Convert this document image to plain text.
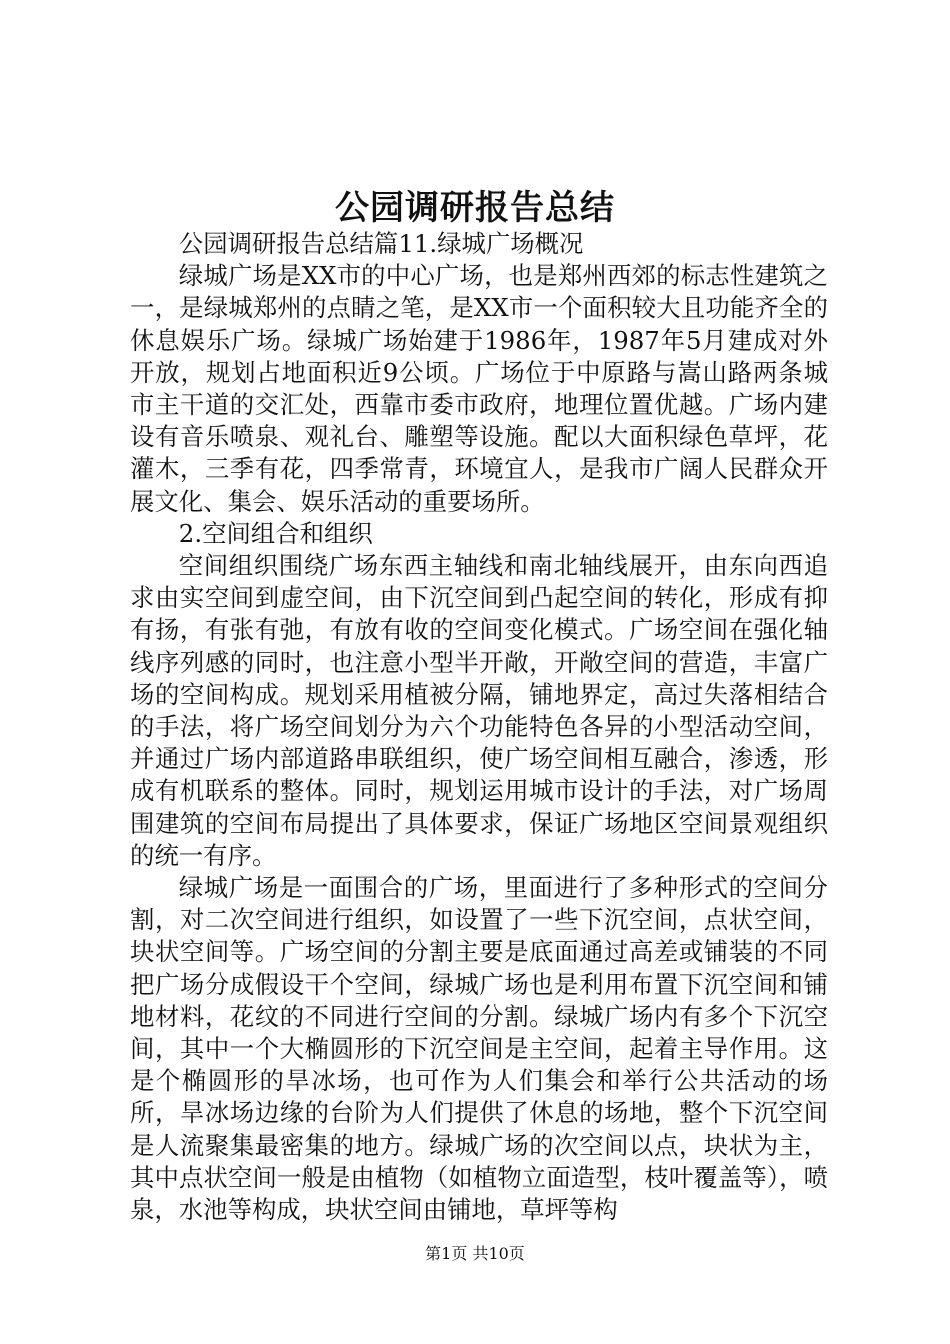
公园调研报告总结

公园调研报告总结篇11.绿城广场概况

绿城广场是XX市的中心广场，也是郑州西郊的标志性建筑之一，是绿城郑州的点睛之笔，是XX市一个面积较大且功能齐全的休息娱乐广场。绿城广场始建于1986年，1987年5月建成对外开放，规划占地面积近9公顷。广场位于中原路与嵩山路两条城市主干道的交汇处，西靠市委市政府，地理位置优越。广场内建设有音乐喷泉、观礼台、雕塑等设施。配以大面积绿色草坪，花灌木，三季有花，四季常青，环境宜人，是我市广阔人民群众开展文化、集会、娱乐活动的重要场所。

2.空间组合和组织

空间组织围绕广场东西主轴线和南北轴线展开，由东向西追求由实空间到虚空间，由下沉空间到凸起空间的转化，形成有抑有扬，有张有弛，有放有收的空间变化模式。广场空间在强化轴线序列感的同时，也注意小型半开敞，开敞空间的营造，丰富广场的空间构成。规划采用植被分隔，铺地界定，高过失落相结合的手法，将广场空间划分为六个功能特色各异的小型活动空间，并通过广场内部道路串联组织，使广场空间相互融合，渗透，形成有机联系的整体。同时，规划运用城市设计的手法，对广场周围建筑的空间布局提出了具体要求，保证广场地区空间景观组织的统一有序。

绿城广场是一面围合的广场，里面进行了多种形式的空间分割，对二次空间进行组织，如设置了一些下沉空间，点状空间，块状空间等。广场空间的分割主要是底面通过高差或铺装的不同把广场分成假设干个空间，绿城广场也是利用布置下沉空间和铺地材料，花纹的不同进行空间的分割。绿城广场内有多个下沉空间，其中一个大椭圆形的下沉空间是主空间，起着主导作用。这是个椭圆形的旱冰场，也可作为人们集会和举行公共活动的场所，旱冰场边缘的台阶为人们提供了休息的场地，整个下沉空间是人流聚集最密集的地方。绿城广场的次空间以点，块状为主，其中点状空间一般是由植物（如植物立面造型，枝叶覆盖等），喷泉，水池等构成，块状空间由铺地，草坪等构

第1页 共10页
